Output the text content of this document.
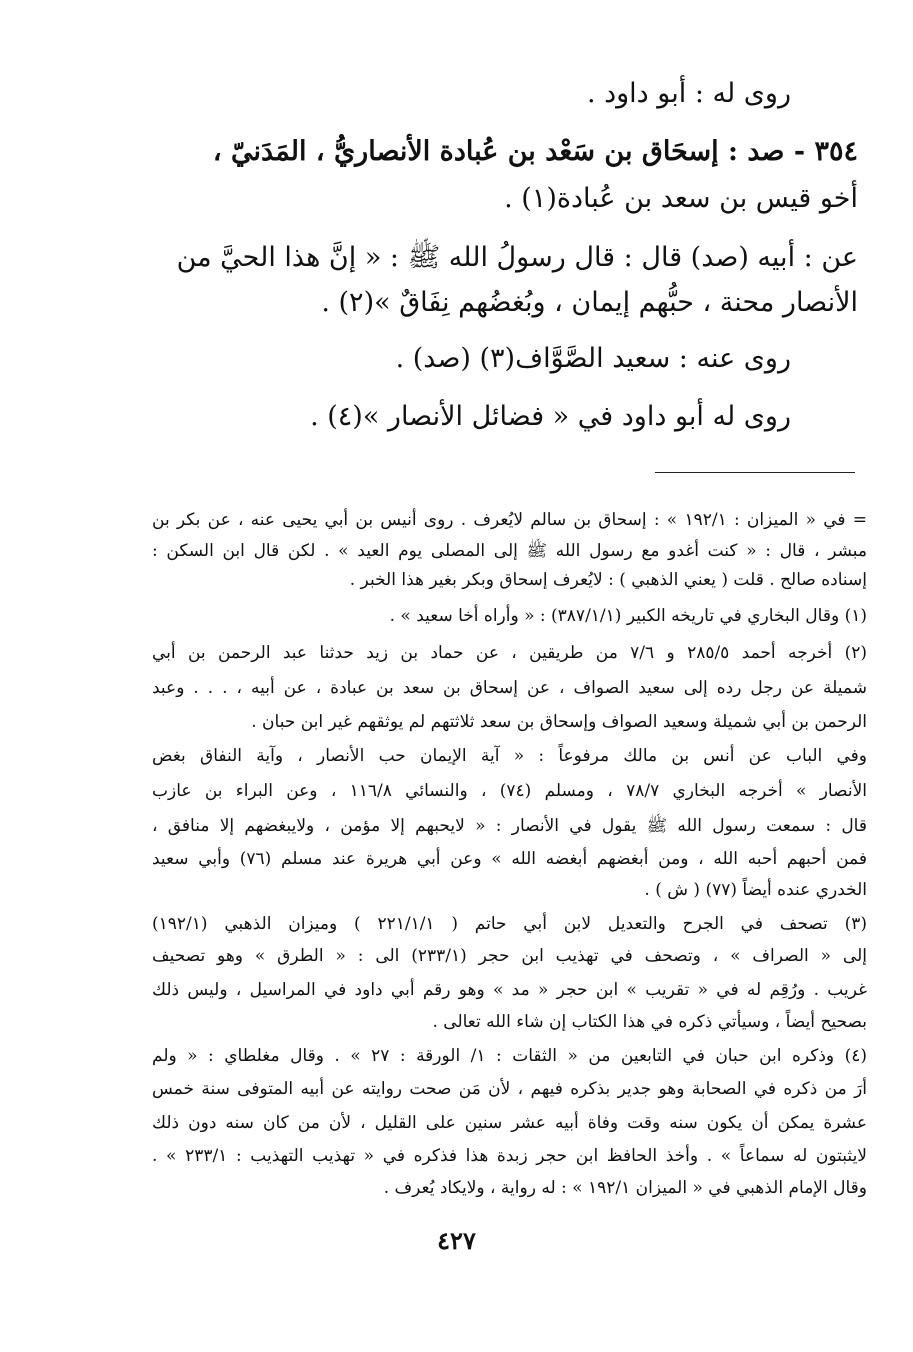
روى له : أبو داود .
٣٥٤ - صد : إسحَاق بن سَعْد بن عُبادة الأنصاريُّ ، المَدَنيّ ،
أخو قيس بن سعد بن عُبادة(١) .
عن : أبيه (صد) قال : قال رسولُ الله ﷺ : « إنَّ هذا الحيَّ من
الأنصار محنة ، حبُّهم إيمان ، وبُغضُهم نِفَاقٌ »(٢) .
روى عنه : سعيد الصَّوَّاف(٣) (صد) .
روى له أبو داود في « فضائل الأنصار »(٤) .
= في « الميزان : ١٩٢/١ » : إسحاق بن سالم لايُعرف . روى أنيس بن أبي يحيى عنه ، عن بكر بن
مبشر ، قال : « كنت أغدو مع رسول الله ﷺ إلى المصلى يوم العيد » . لكن قال ابن السكن :
إسناده صالح . قلت ( يعني الذهبي ) : لايُعرف إسحاق وبكر بغير هذا الخبر .
(١) وقال البخاري في تاريخه الكبير (٣٨٧/١/١) : « وأراه أخا سعيد » .
(٢) أخرجه أحمد ٢٨٥/٥ و ٧/٦ من طريقين ، عن حماد بن زيد حدثنا عبد الرحمن بن أبي
شميلة عن رجل رده إلى سعيد الصواف ، عن إسحاق بن سعد بن عبادة ، عن أبيه ، . . . وعبد
الرحمن بن أبي شميلة وسعيد الصواف وإسحاق بن سعد ثلاثتهم لم يوثقهم غير ابن حبان .
وفي الباب عن أنس بن مالك مرفوعاً : « آية الإيمان حب الأنصار ، وآية النفاق بغض
الأنصار » أخرجه البخاري ٧٨/٧ ، ومسلم (٧٤) ، والنسائي ١١٦/٨ ، وعن البراء بن عازب
قال : سمعت رسول الله ﷺ يقول في الأنصار : « لايحبهم إلا مؤمن ، ولايبغضهم إلا منافق ،
فمن أحبهم أحبه الله ، ومن أبغضهم أبغضه الله » وعن أبي هريرة عند مسلم (٧٦) وأبي سعيد
الخدري عنده أيضاً (٧٧) ( ش ) .
(٣) تصحف في الجرح والتعديل لابن أبي حاتم ( ٢٢١/١/١ ) وميزان الذهبي (١٩٢/١)
إلى « الصراف » ، وتصحف في تهذيب ابن حجر (٢٣٣/١) الى : « الطرق » وهو تصحيف
غريب . ورُقِم له في « تقريب » ابن حجر « مد » وهو رقم أبي داود في المراسيل ، وليس ذلك
بصحيح أيضاً ، وسيأتي ذكره في هذا الكتاب إن شاء الله تعالى .
(٤) وذكره ابن حبان في التابعين من « الثقات : ١/ الورقة : ٢٧ » . وقال مغلطاي : « ولم
أرَ من ذكره في الصحابة وهو جدير بذكره فيهم ، لأن مَن صحت روايته عن أبيه المتوفى سنة خمس
عشرة يمكن أن يكون سنه وقت وفاة أبيه عشر سنين على القليل ، لأن من كان سنه دون ذلك
لايثبتون له سماعاً » . وأخذ الحافظ ابن حجر زبدة هذا فذكره في « تهذيب التهذيب : ٢٣٣/١ » .
وقال الإمام الذهبي في « الميزان ١٩٢/١ » : له رواية ، ولايكاد يُعرف .
٤٢٧
